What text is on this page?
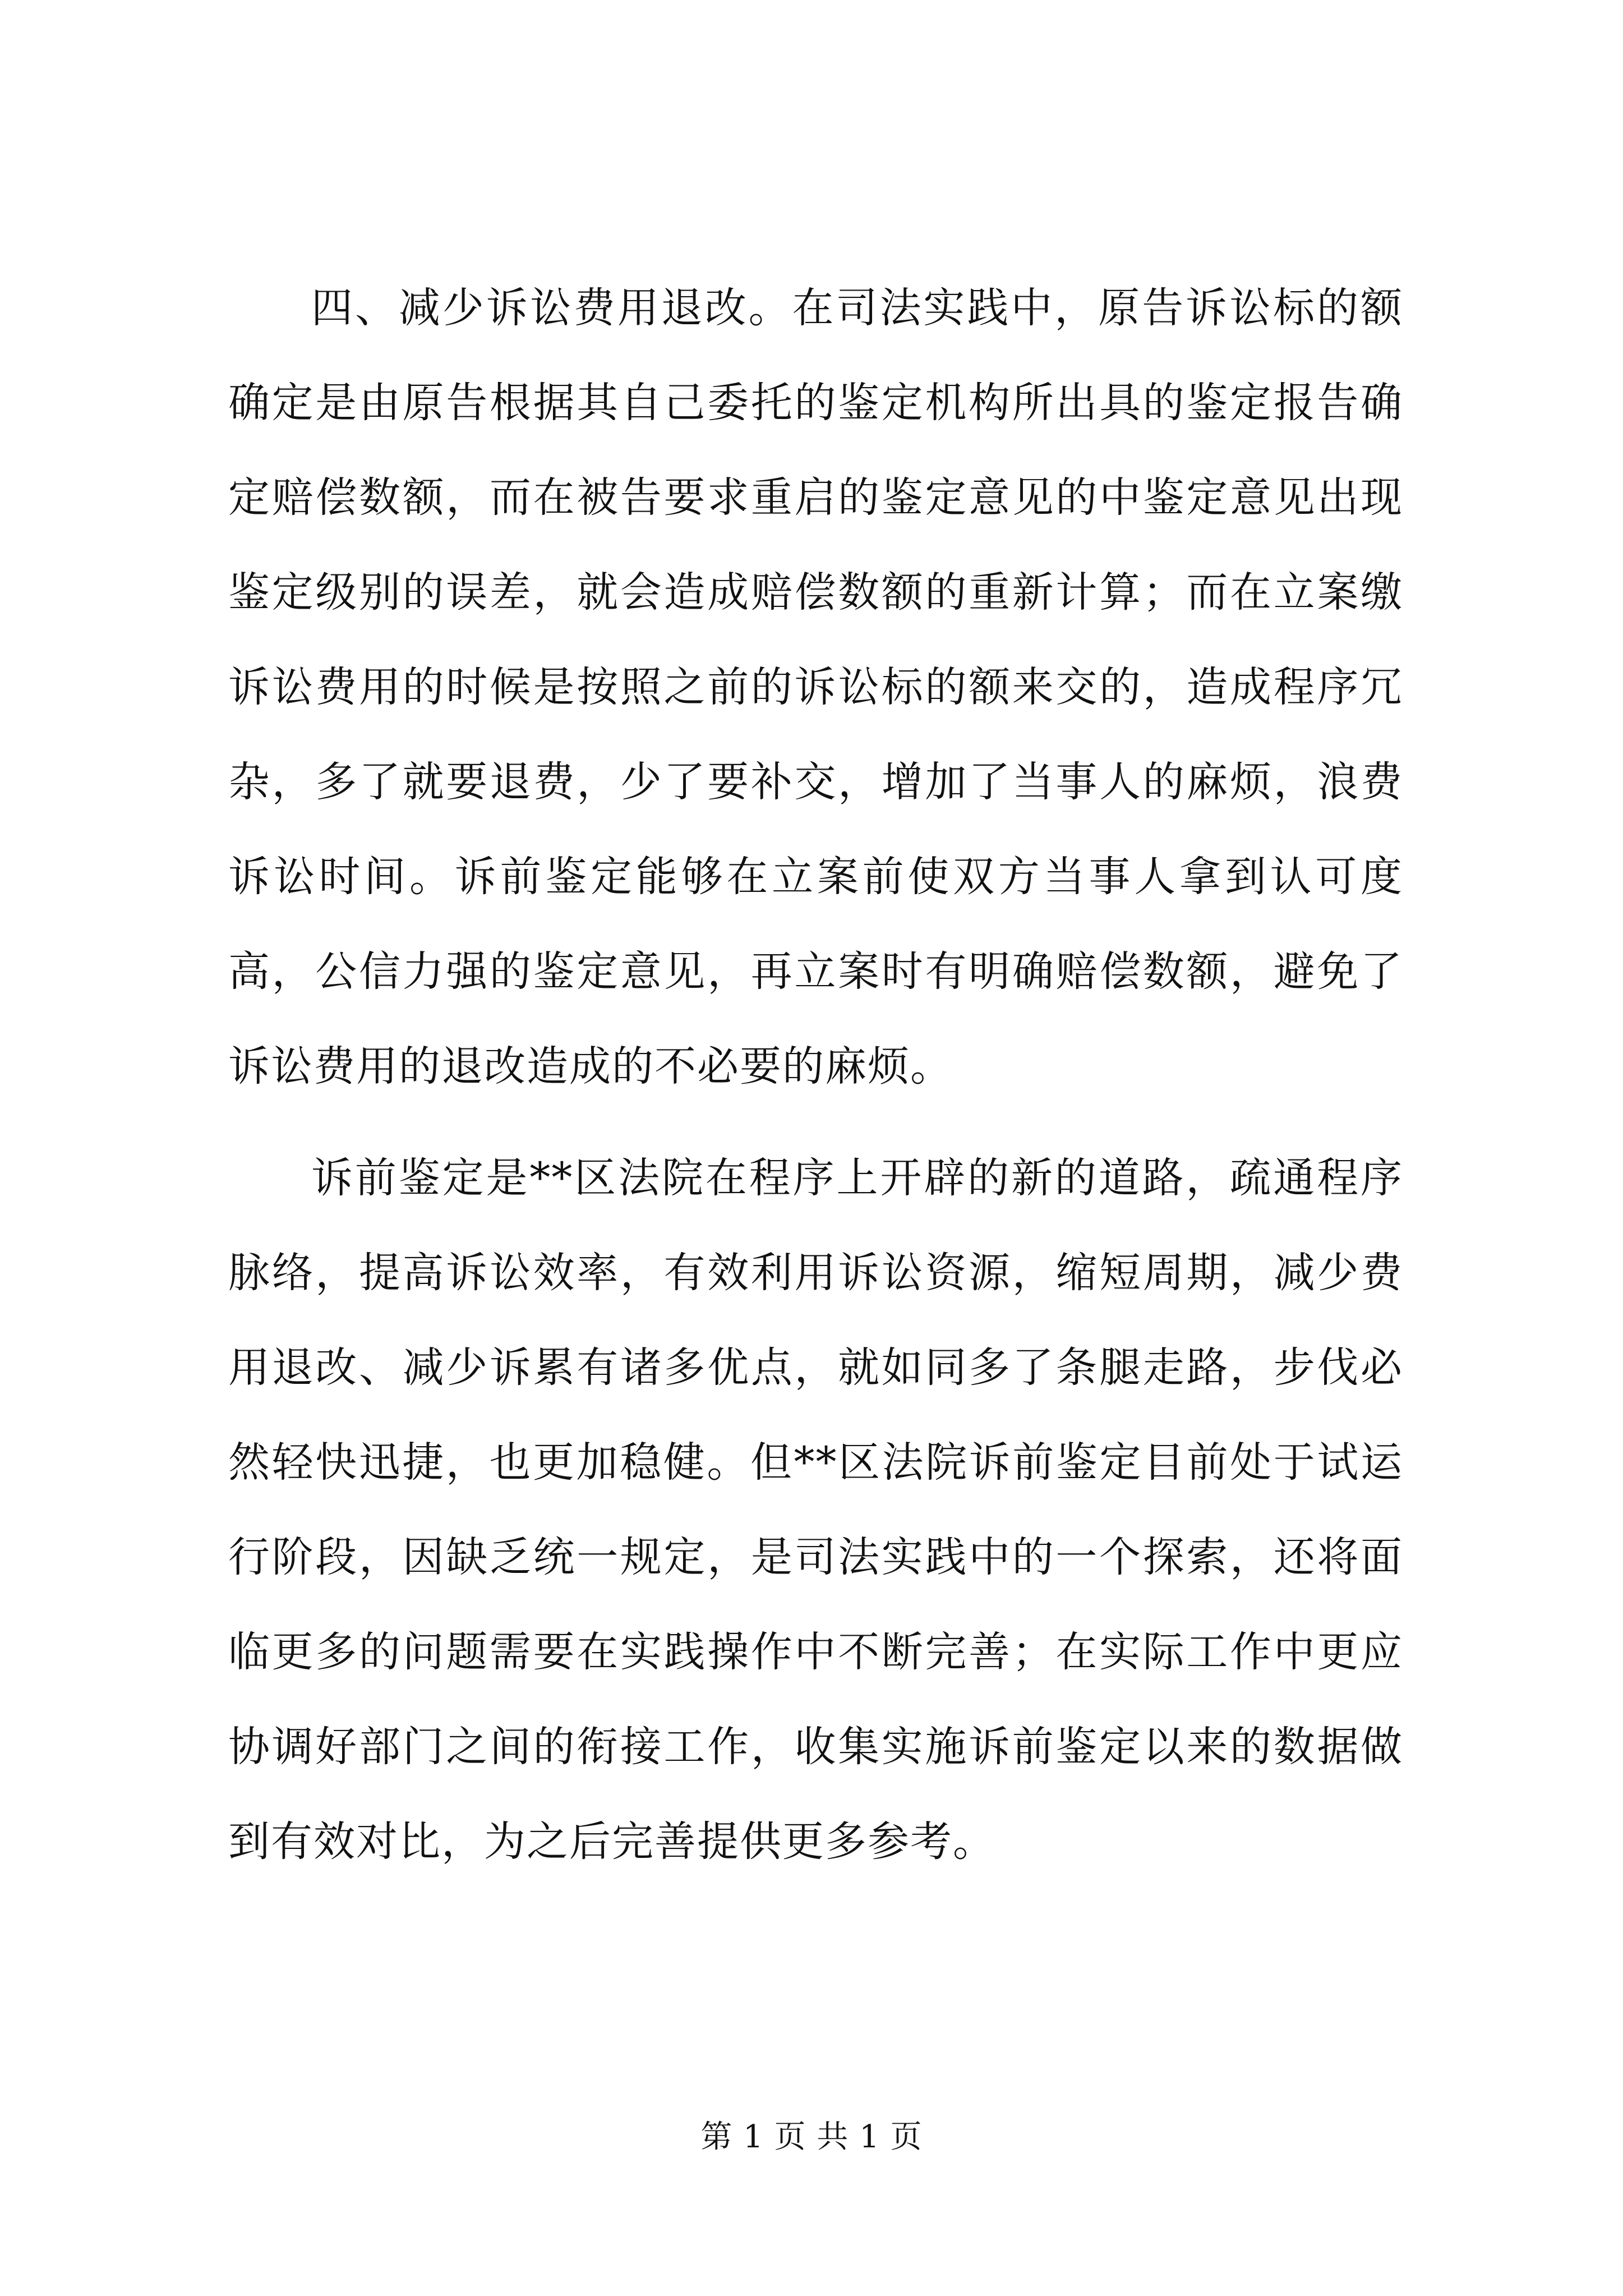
四、减少诉讼费用退改。在司法实践中，原告诉讼标的额确定是由原告根据其自己委托的鉴定机构所出具的鉴定报告确定赔偿数额，而在被告要求重启的鉴定意见的中鉴定意见出现鉴定级别的误差，就会造成赔偿数额的重新计算；而在立案缴诉讼费用的时候是按照之前的诉讼标的额来交的，造成程序冗杂，多了就要退费，少了要补交，增加了当事人的麻烦，浪费诉讼时间。诉前鉴定能够在立案前使双方当事人拿到认可度高，公信力强的鉴定意见，再立案时有明确赔偿数额，避免了诉讼费用的退改造成的不必要的麻烦。

诉前鉴定是**区法院在程序上开辟的新的道路，疏通程序脉络，提高诉讼效率，有效利用诉讼资源，缩短周期，减少费用退改、减少诉累有诸多优点，就如同多了条腿走路，步伐必然轻快迅捷，也更加稳健。但**区法院诉前鉴定目前处于试运行阶段，因缺乏统一规定，是司法实践中的一个探索，还将面临更多的问题需要在实践操作中不断完善；在实际工作中更应协调好部门之间的衔接工作，收集实施诉前鉴定以来的数据做到有效对比，为之后完善提供更多参考。

第 1 页 共 1 页
